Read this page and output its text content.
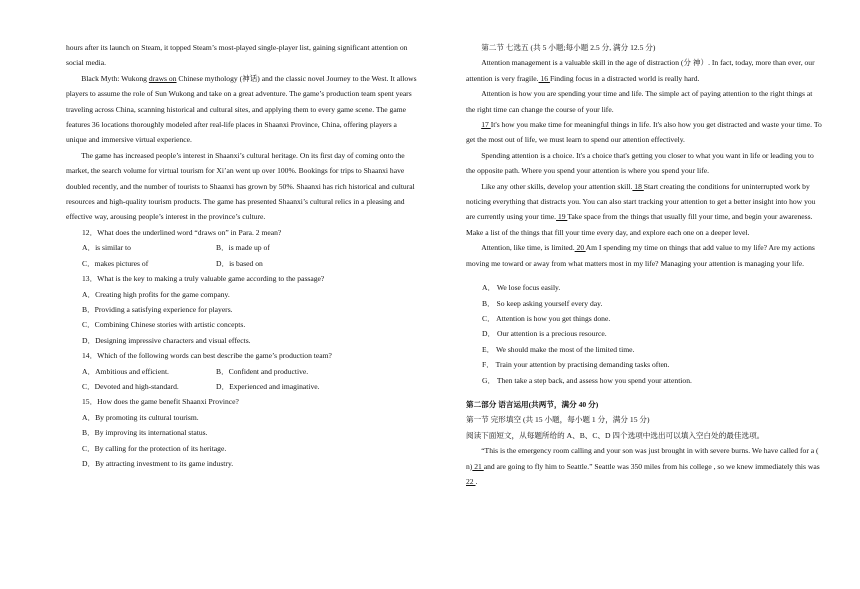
hours after its launch on Steam, it topped Steam’s most-played single-player list, gaining significant attention on social media.

Black Myth: Wukong draws on Chinese mythology (神话) and the classic novel Journey to the West. It allows players to assume the role of Sun Wukong and take on a great adventure. The game’s production team spent years traveling across China, scanning historical and cultural sites, and applying them to every game scene. The game features 36 locations thoroughly modeled after real-life places in Shaanxi Province, China, offering players a unique and immersive virtual experience.

The game has increased people’s interest in Shaanxi’s cultural heritage. On its first day of coming onto the market, the search volume for virtual tourism for Xi’an went up over 100%. Bookings for trips to Shaanxi have doubled recently, and the number of tourists to Shaanxi has grown by 50%. Shaanxi has rich historical and cultural resources and high-quality tourism products. The game has presented Shaanxi’s cultural relics in a pleasing and effective way, arousing people’s interest in the province’s culture.

12．What does the underlined word “draws on” in Para. 2 mean?

A．is similar to	B．is made up of
C．makes pictures of	D．is based on

13．What is the key to making a truly valuable game according to the passage?

A．Creating high profits for the game company.

B．Providing a satisfying experience for players.

C．Combining Chinese stories with artistic concepts.

D．Designing impressive characters and visual effects.

14．Which of the following words can best describe the game’s production team?

A．Ambitious and efficient.	B．Confident and productive.
C．Devoted and high-standard.	D．Experienced and imaginative.

15．How does the game benefit Shaanxi Province?

A．By promoting its cultural tourism.

B．By improving its international status.

C．By calling for the protection of its heritage.

D．By attracting investment to its game industry.

第二节 七选五 (共 5 小题;每小题 2.5 分, 满分 12.5 分)

Attention management is a valuable skill in the age of distraction (分 神）. In fact, today, more than ever, our attention is very fragile. 16 Finding focus in a distracted world is really hard.

Attention is how you are spending your time and life. The simple act of paying attention to the right things at the right time can change the course of your life.

17 It's how you make time for meaningful things in life. It's also how you get distracted and waste your time. To get the most out of life, we must learn to spend our attention effectively.

Spending attention is a choice. It's a choice that's getting you closer to what you want in life or leading you to the opposite path. Where you spend your attention is where you spend your life.

Like any other skills, develop your attention skill. 18 Start creating the conditions for uninterrupted work by noticing everything that distracts you. You can also start tracking your attention to get a better insight into how you are currently using your time. 19 Take space from the things that usually fill your time, and begin your awareness. Make a list of the things that fill your time every day, and explore each one on a deeper level.

Attention, like time, is limited. 20 Am I spending my time on things that add value to my life? Are my actions moving me toward or away from what matters most in my life? Managing your attention is managing your life.

A． We lose focus easily.

B． So keep asking yourself every day.

C． Attention is how you get things done.

D． Our attention is a precious resource.

E． We should make the most of the limited time.

F． Train your attention by practising demanding tasks often.

G． Then take a step back, and assess how you spend your attention.

第二部分 语言运用(共两节，满分 40 分)

第一节 完形填空 (共 15 小题，每小题 1 分，满分 15 分)

阅读下面短文，从每题所给的 A、B、C、D 四个选项中选出可以填入空白处的最佳选项。

“This is the emergency room calling and your son was just brought in with severe burns. We have called for a ( n) 21 and are going to fly him to Seattle.” Seattle was 350 miles from his college , so we knew immediately this was 22 .
